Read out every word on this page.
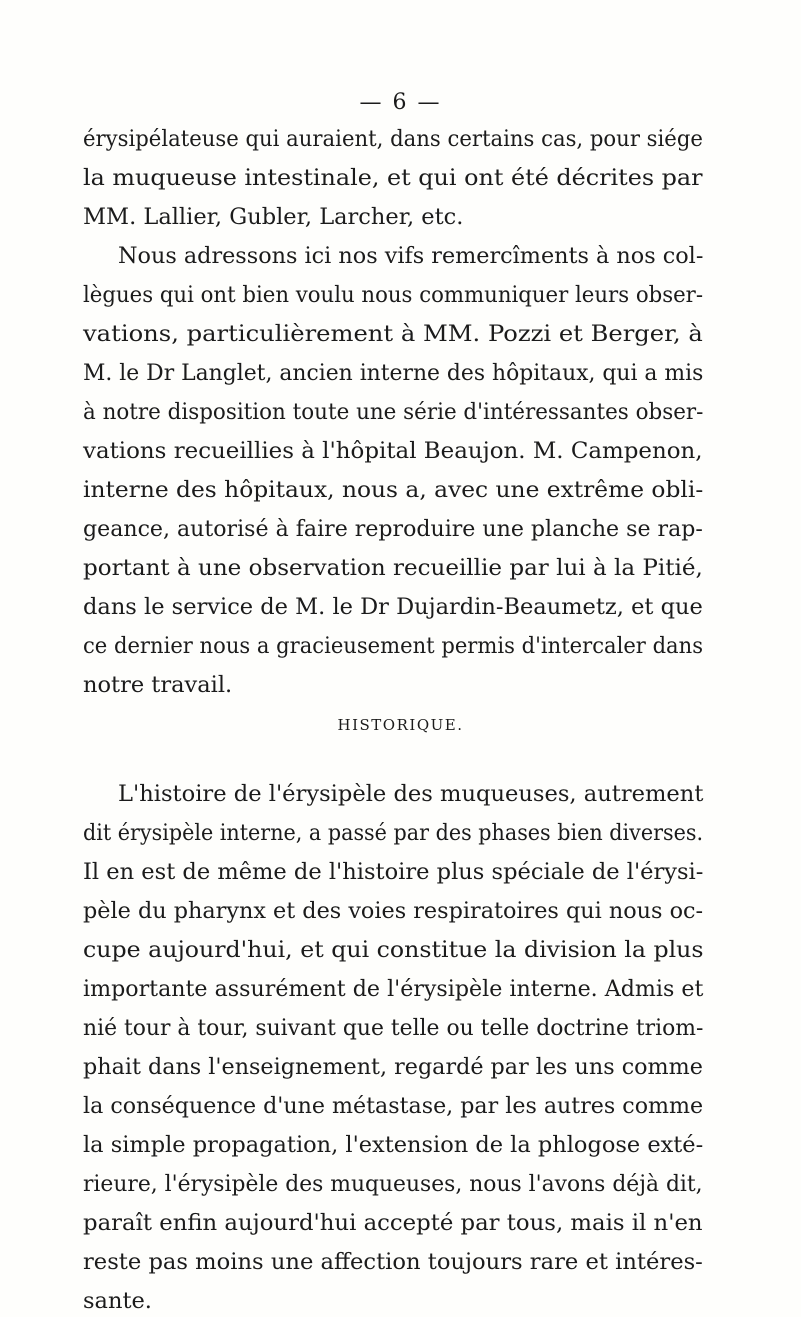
— 6 —
érysipélateuse qui auraient, dans certains cas, pour siége
la muqueuse intestinale, et qui ont été décrites par
MM. Lallier, Gubler, Larcher, etc.
Nous adressons ici nos vifs remercîments à nos col-
lègues qui ont bien voulu nous communiquer leurs obser-
vations, particulièrement à MM. Pozzi et Berger, à
M. le Dr Langlet, ancien interne des hôpitaux, qui a mis
à notre disposition toute une série d'intéressantes obser-
vations recueillies à l'hôpital Beaujon. M. Campenon,
interne des hôpitaux, nous a, avec une extrême obli-
geance, autorisé à faire reproduire une planche se rap-
portant à une observation recueillie par lui à la Pitié,
dans le service de M. le Dr Dujardin-Beaumetz, et que
ce dernier nous a gracieusement permis d'intercaler dans
notre travail.
HISTORIQUE.
L'histoire de l'érysipèle des muqueuses, autrement
dit érysipèle interne, a passé par des phases bien diverses.
Il en est de même de l'histoire plus spéciale de l'érysi-
pèle du pharynx et des voies respiratoires qui nous oc-
cupe aujourd'hui, et qui constitue la division la plus
importante assurément de l'érysipèle interne. Admis et
nié tour à tour, suivant que telle ou telle doctrine triom-
phait dans l'enseignement, regardé par les uns comme
la conséquence d'une métastase, par les autres comme
la simple propagation, l'extension de la phlogose exté-
rieure, l'érysipèle des muqueuses, nous l'avons déjà dit,
paraît enfin aujourd'hui accepté par tous, mais il n'en
reste pas moins une affection toujours rare et intéres-
sante.
